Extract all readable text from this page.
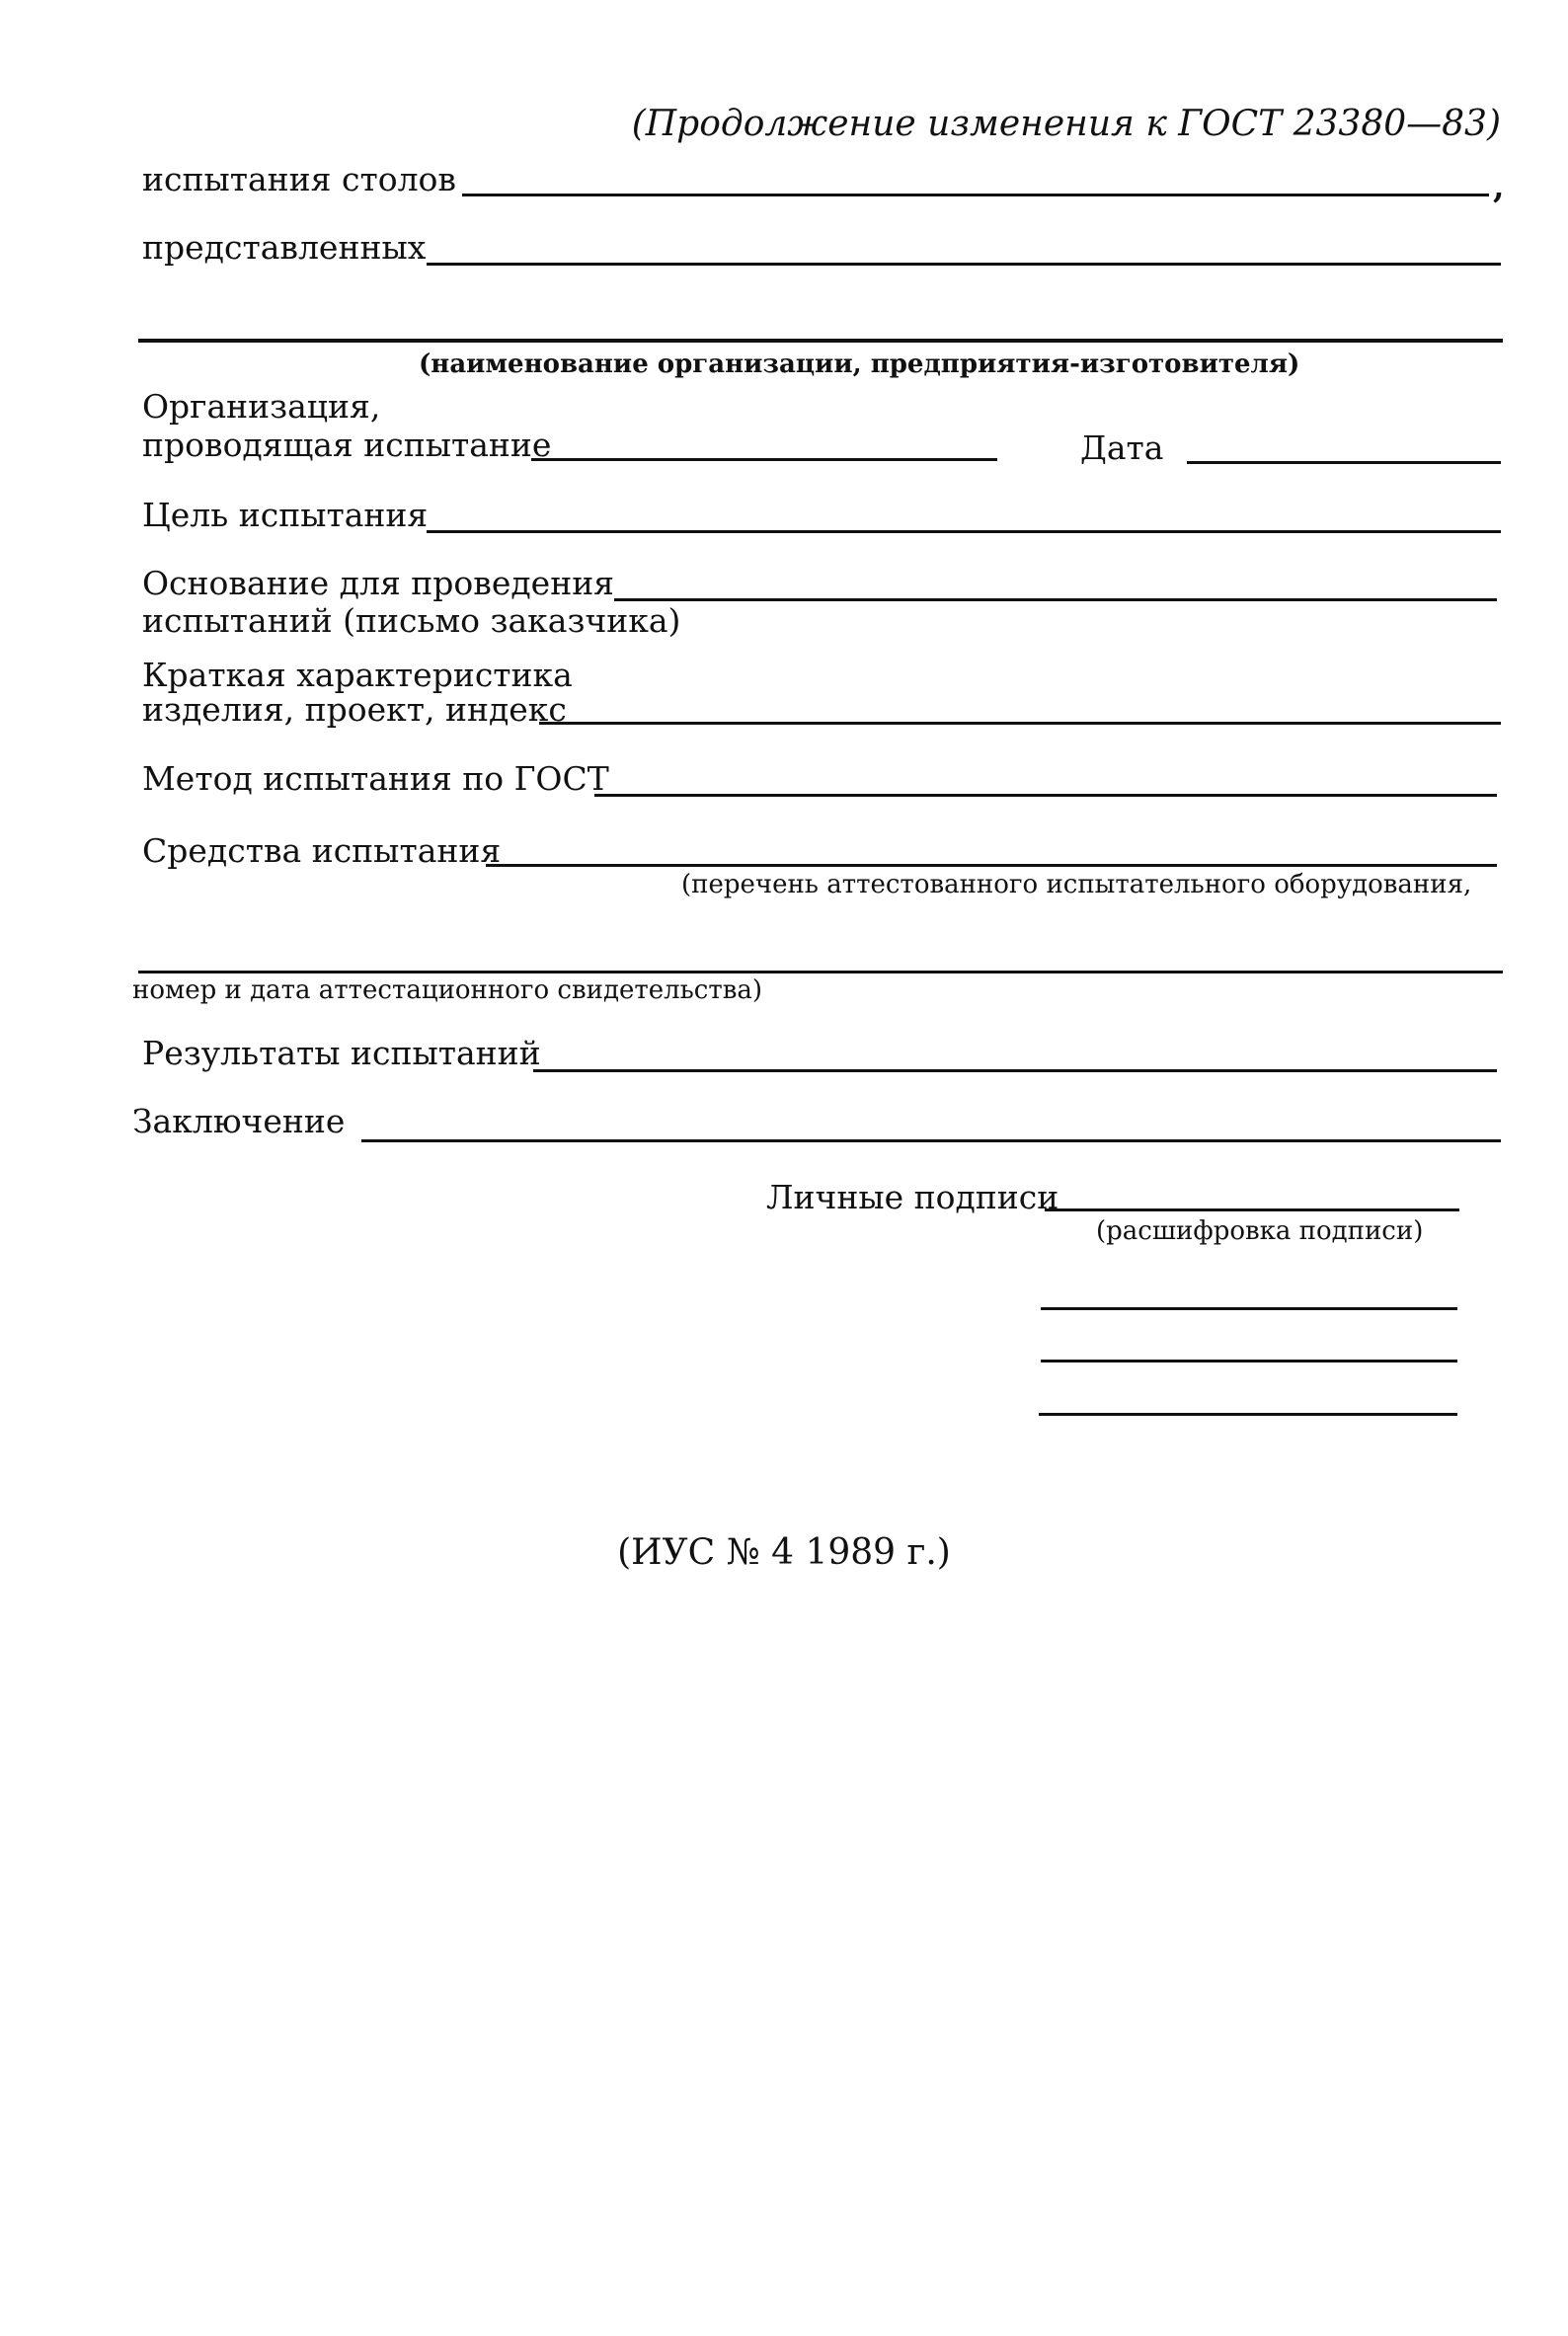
(Продолжение изменения к ГОСТ 23380—83)
испытания столов	,
представленных
(наименование организации, предприятия-изготовителя)
Организация,
проводящая испытание	Дата
Цель испытания
Основание для проведения
испытаний (письмо заказчика)
Краткая характеристика
изделия, проект, индекс
Метод испытания по ГОСТ
Средства испытания
(перечень аттестованного испытательного оборудования,
номер и дата аттестационного свидетельства)
Результаты испытаний
Заключение
Личные подписи
(расшифровка подписи)
(ИУС № 4 1989 г.)
